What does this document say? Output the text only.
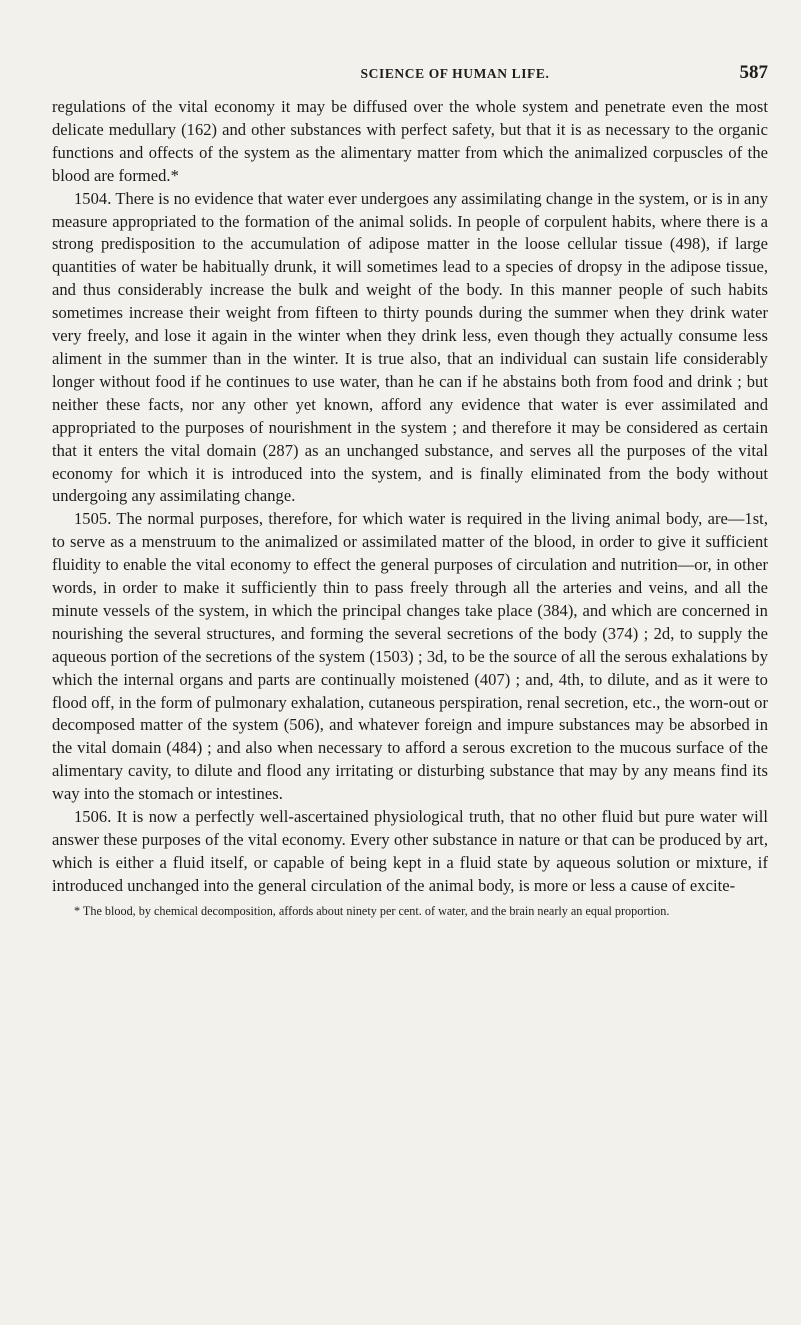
SCIENCE OF HUMAN LIFE.	587

regulations of the vital economy it may be diffused over the whole system and penetrate even the most delicate medullary (162) and other substances with perfect safety, but that it is as necessary to the organic functions and offects of the system as the alimentary matter from which the animalized corpuscles of the blood are formed.*

1504. There is no evidence that water ever undergoes any assimilating change in the system, or is in any measure appropriated to the formation of the animal solids. In people of corpulent habits, where there is a strong predisposition to the accumulation of adipose matter in the loose cellular tissue (498), if large quantities of water be habitually drunk, it will sometimes lead to a species of dropsy in the adipose tissue, and thus considerably increase the bulk and weight of the body. In this manner people of such habits sometimes increase their weight from fifteen to thirty pounds during the summer when they drink water very freely, and lose it again in the winter when they drink less, even though they actually consume less aliment in the summer than in the winter. It is true also, that an individual can sustain life considerably longer without food if he continues to use water, than he can if he abstains both from food and drink ; but neither these facts, nor any other yet known, afford any evidence that water is ever assimilated and appropriated to the purposes of nourishment in the system ; and therefore it may be considered as certain that it enters the vital domain (287) as an unchanged substance, and serves all the purposes of the vital economy for which it is introduced into the system, and is finally eliminated from the body without undergoing any assimilating change.

1505. The normal purposes, therefore, for which water is required in the living animal body, are—1st, to serve as a menstruum to the animalized or assimilated matter of the blood, in order to give it sufficient fluidity to enable the vital economy to effect the general purposes of circulation and nutrition—or, in other words, in order to make it sufficiently thin to pass freely through all the arteries and veins, and all the minute vessels of the system, in which the principal changes take place (384), and which are concerned in nourishing the several structures, and forming the several secretions of the body (374) ; 2d, to supply the aqueous portion of the secretions of the system (1503) ; 3d, to be the source of all the serous exhalations by which the internal organs and parts are continually moistened (407) ; and, 4th, to dilute, and as it were to flood off, in the form of pulmonary exhalation, cutaneous perspiration, renal secretion, etc., the worn-out or decomposed matter of the system (506), and whatever foreign and impure substances may be absorbed in the vital domain (484) ; and also when necessary to afford a serous excretion to the mucous surface of the alimentary cavity, to dilute and flood any irritating or disturbing substance that may by any means find its way into the stomach or intestines.

1506. It is now a perfectly well-ascertained physiological truth, that no other fluid but pure water will answer these purposes of the vital economy. Every other substance in nature or that can be produced by art, which is either a fluid itself, or capable of being kept in a fluid state by aqueous solution or mixture, if introduced unchanged into the general circulation of the animal body, is more or less a cause of excite-

* The blood, by chemical decomposition, affords about ninety per cent. of water, and the brain nearly an equal proportion.
